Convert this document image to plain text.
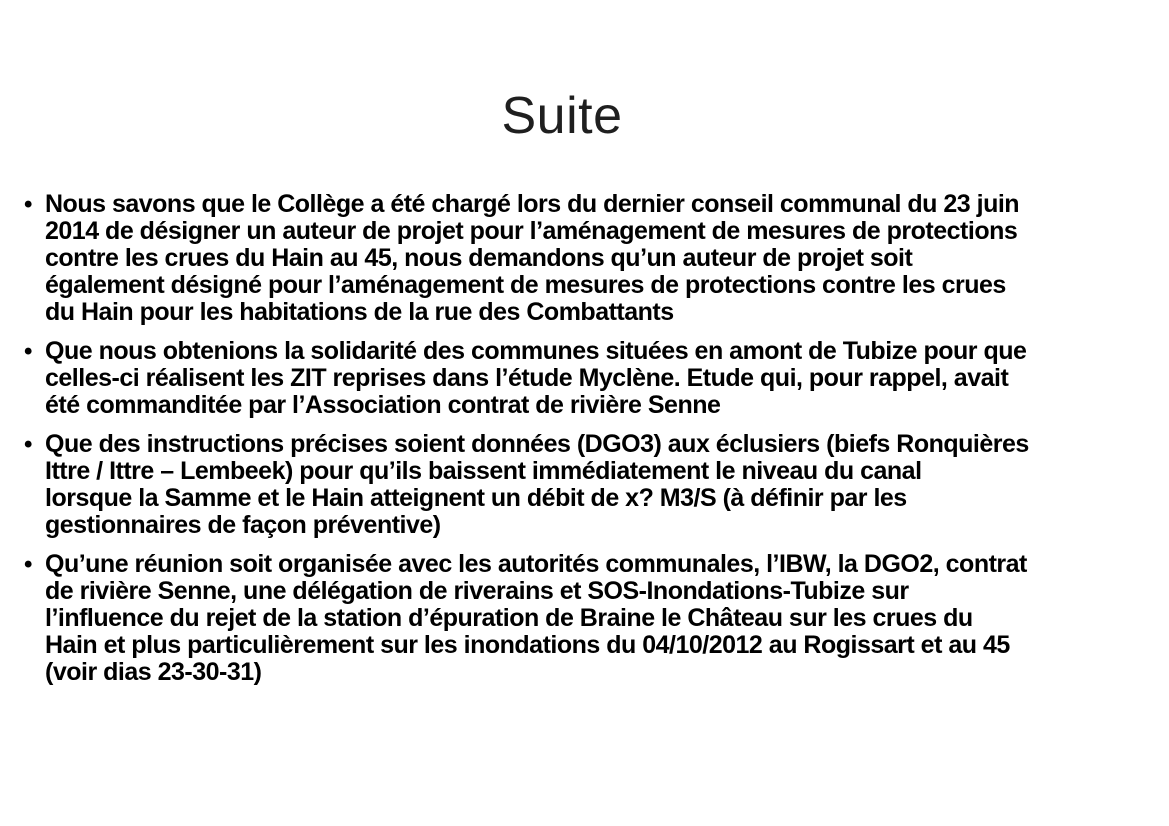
Suite
• Nous savons que le Collège a été chargé lors du dernier conseil communal du 23 juin
2014 de désigner un auteur de projet pour l’aménagement de mesures de protections
contre les crues du Hain au 45, nous demandons qu’un auteur de projet soit
également désigné pour l’aménagement de mesures de protections contre les crues
du Hain pour les habitations de la rue des Combattants
• Que nous obtenions la solidarité des communes situées en amont de Tubize pour que
celles-ci réalisent les ZIT reprises dans l’étude Myclène. Etude qui, pour rappel, avait
été commanditée par l’Association contrat de rivière Senne
• Que des instructions précises soient données (DGO3) aux éclusiers (biefs Ronquières
Ittre / Ittre – Lembeek) pour qu’ils baissent immédiatement le niveau du canal
lorsque la Samme et le Hain atteignent un débit de x? M3/S (à définir par les
gestionnaires de façon préventive)
• Qu’une réunion soit organisée avec les autorités communales, l’IBW, la DGO2, contrat
de rivière Senne, une délégation de riverains et SOS-Inondations-Tubize sur
l’influence du rejet de la station d’épuration de Braine le Château sur les crues du
Hain et plus particulièrement sur les inondations du 04/10/2012 au Rogissart et au 45
(voir dias 23-30-31)
